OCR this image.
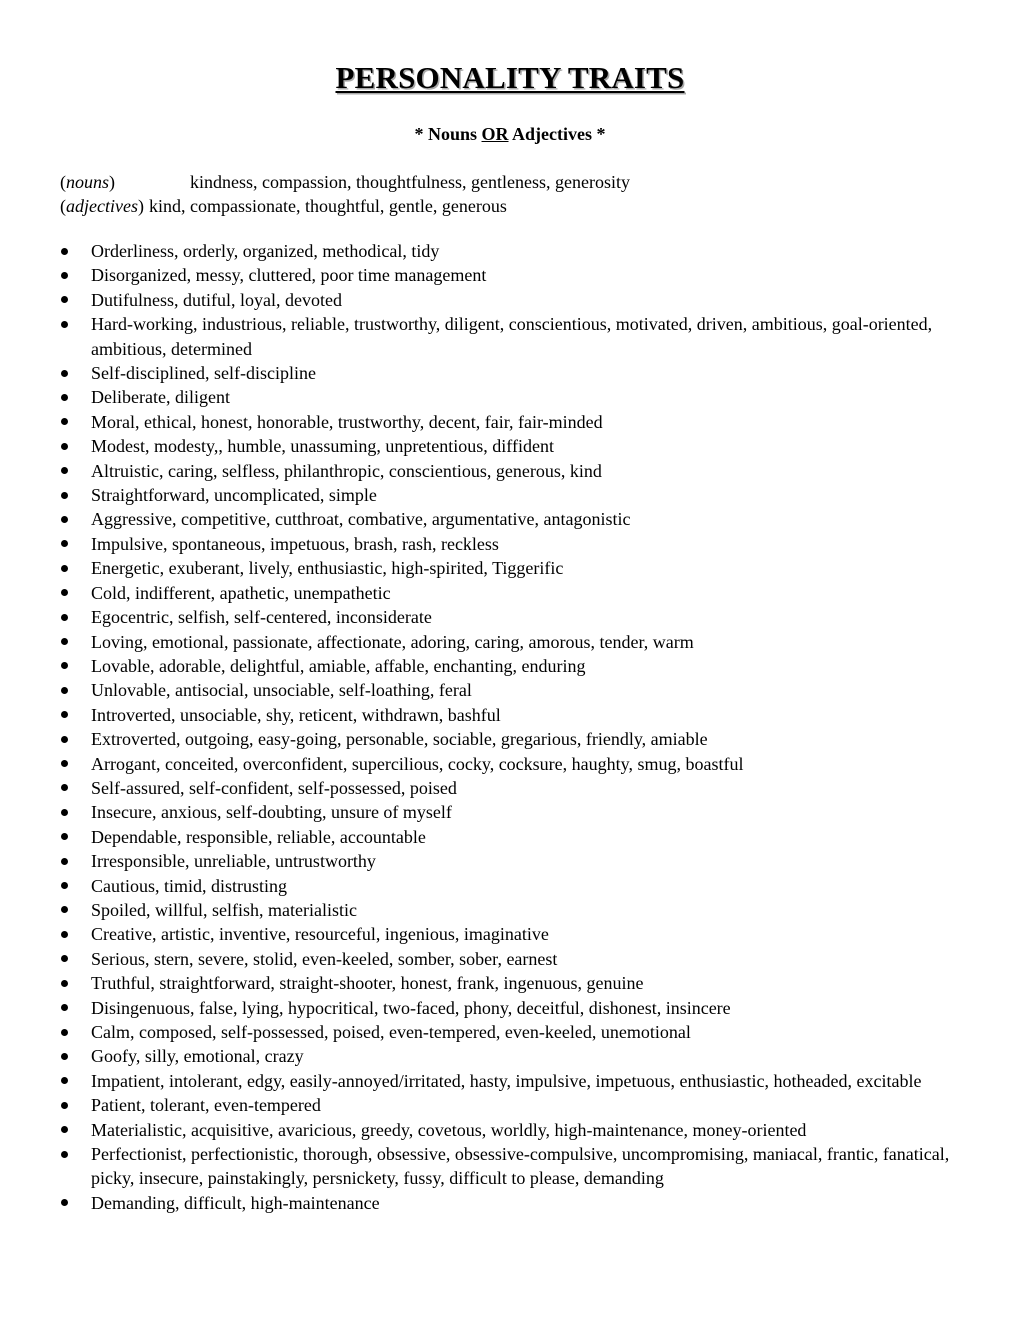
PERSONALITY TRAITS
* Nouns OR Adjectives *
(nouns)	kindness, compassion, thoughtfulness, gentleness, generosity
(adjectives) kind, compassionate, thoughtful, gentle, generous
Orderliness, orderly, organized, methodical, tidy
Disorganized, messy, cluttered, poor time management
Dutifulness, dutiful, loyal, devoted
Hard-working, industrious, reliable, trustworthy, diligent, conscientious, motivated, driven, ambitious, goal-oriented, ambitious, determined
Self-disciplined, self-discipline
Deliberate, diligent
Moral, ethical, honest, honorable, trustworthy, decent, fair, fair-minded
Modest, modesty,, humble, unassuming, unpretentious, diffident
Altruistic, caring, selfless, philanthropic, conscientious, generous, kind
Straightforward, uncomplicated, simple
Aggressive, competitive, cutthroat, combative, argumentative, antagonistic
Impulsive, spontaneous, impetuous, brash, rash, reckless
Energetic, exuberant, lively, enthusiastic, high-spirited, Tiggerific
Cold, indifferent, apathetic, unempathetic
Egocentric, selfish, self-centered, inconsiderate
Loving, emotional, passionate, affectionate, adoring, caring, amorous, tender, warm
Lovable, adorable, delightful, amiable, affable, enchanting, enduring
Unlovable, antisocial, unsociable, self-loathing, feral
Introverted, unsociable, shy, reticent, withdrawn, bashful
Extroverted, outgoing, easy-going, personable, sociable, gregarious, friendly, amiable
Arrogant, conceited, overconfident, supercilious, cocky, cocksure, haughty, smug, boastful
Self-assured, self-confident, self-possessed, poised
Insecure, anxious, self-doubting, unsure of myself
Dependable, responsible, reliable, accountable
Irresponsible, unreliable, untrustworthy
Cautious, timid, distrusting
Spoiled, willful, selfish, materialistic
Creative, artistic, inventive, resourceful, ingenious, imaginative
Serious, stern, severe, stolid, even-keeled, somber, sober, earnest
Truthful, straightforward, straight-shooter, honest, frank, ingenuous, genuine
Disingenuous, false, lying, hypocritical, two-faced, phony, deceitful, dishonest, insincere
Calm, composed, self-possessed, poised, even-tempered, even-keeled, unemotional
Goofy, silly, emotional, crazy
Impatient, intolerant, edgy, easily-annoyed/irritated, hasty, impulsive, impetuous, enthusiastic, hotheaded, excitable
Patient, tolerant, even-tempered
Materialistic, acquisitive, avaricious, greedy, covetous, worldly, high-maintenance, money-oriented
Perfectionist, perfectionistic, thorough, obsessive, obsessive-compulsive, uncompromising, maniacal, frantic, fanatical, picky, insecure, painstakingly, persnickety, fussy, difficult to please, demanding
Demanding, difficult, high-maintenance
